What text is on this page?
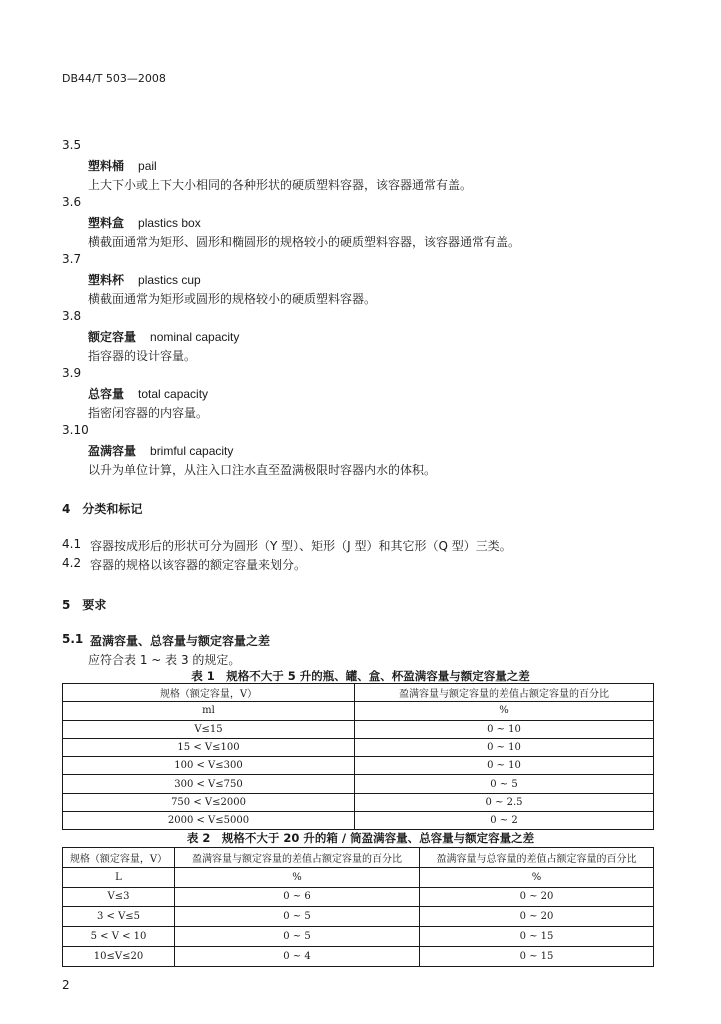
DB44/T 503—2008
3.5
塑料桶 pail
上大下小或上下大小相同的各种形状的硬质塑料容器，该容器通常有盖。
3.6
塑料盒 plastics box
横截面通常为矩形、圆形和椭圆形的规格较小的硬质塑料容器，该容器通常有盖。
3.7
塑料杯 plastics cup
横截面通常为矩形或圆形的规格较小的硬质塑料容器。
3.8
额定容量 nominal capacity
指容器的设计容量。
3.9
总容量 total capacity
指密闭容器的内容量。
3.10
盈满容量 brimful capacity
以升为单位计算，从注入口注水直至盈满极限时容器内水的体积。
4　分类和标记
4.1 容器按成形后的形状可分为圆形（Y 型）、矩形（J 型）和其它形（Q 型）三类。
4.2 容器的规格以该容器的额定容量来划分。
5　要求
5.1 盈满容量、总容量与额定容量之差
应符合表 1 ~ 表 3 的规定。
表 1　规格不大于 5 升的瓶、罐、盒、杯盈满容量与额定容量之差
规格（额定容量，V）	盈满容量与额定容量的差值占额定容量的百分比
ml	%
V≤15	0 ~ 10
15 < V≤100	0 ~ 10
100 < V≤300	0 ~ 10
300 < V≤750	0 ~ 5
750 < V≤2000	0 ~ 2.5
2000 < V≤5000	0 ~ 2
表 2　规格不大于 20 升的箱 / 筒盈满容量、总容量与额定容量之差
规格（额定容量，V）	盈满容量与额定容量的差值占额定容量的百分比	盈满容量与总容量的差值占额定容量的百分比
L	%	%
V≤3	0 ~ 6	0 ~ 20
3 < V≤5	0 ~ 5	0 ~ 20
5 < V < 10	0 ~ 5	0 ~ 15
10≤V≤20	0 ~ 4	0 ~ 15
2
